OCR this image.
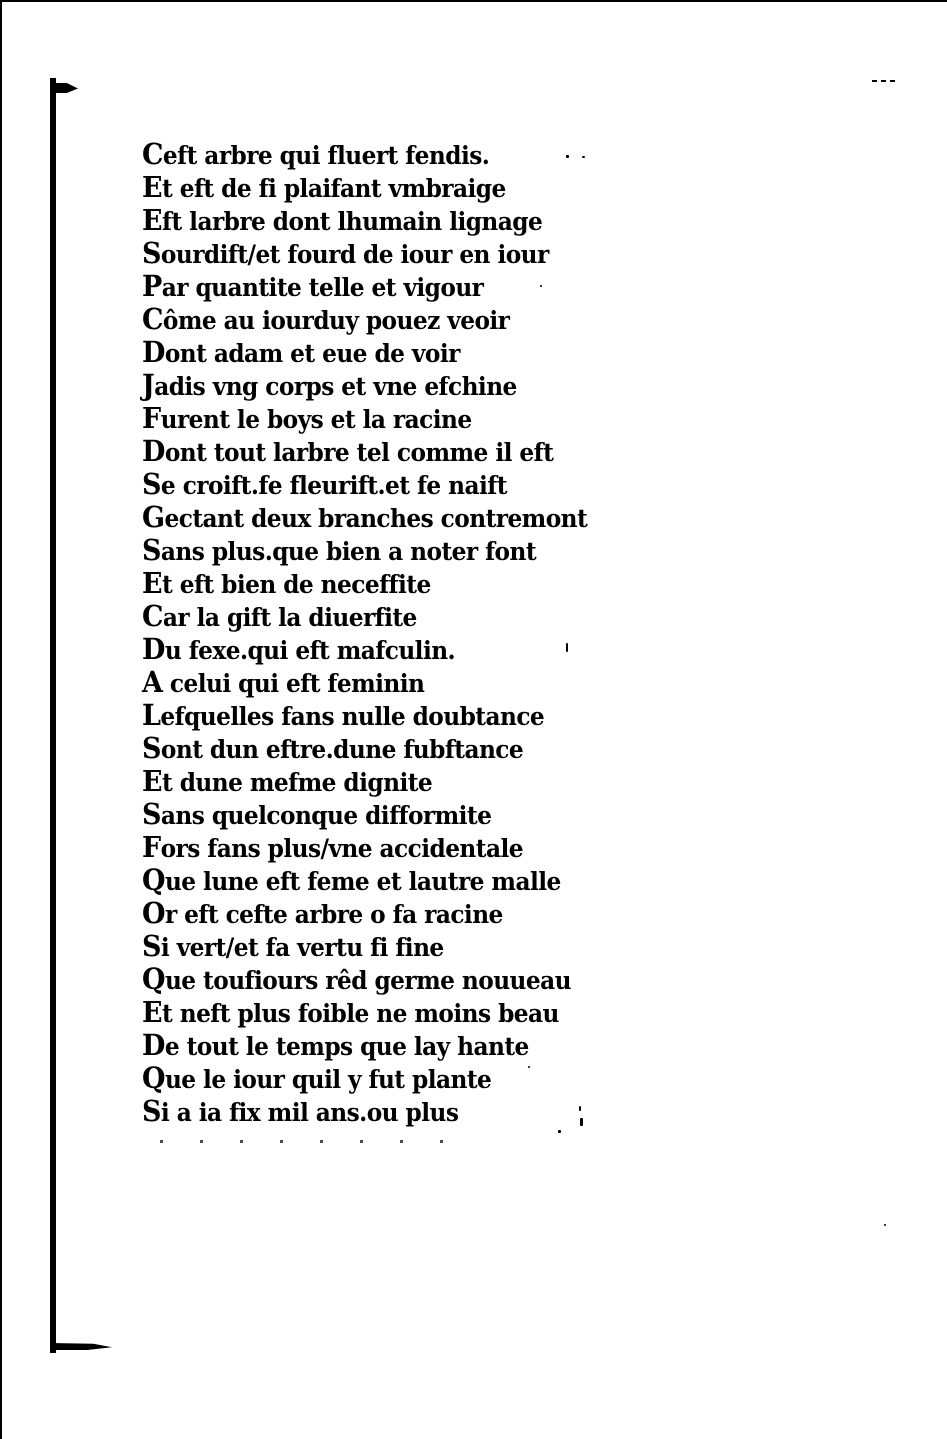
Ceft arbre qui fluert fendis.
Et eft de fi plaifant vmbraige
Eft larbre dont lhumain lignage
Sourdift/et fourd de iour en iour
Par quantite telle et vigour
Côme au iourduy pouez veoir
Dont adam et eue de voir
Jadis vng corps et vne efchine
Furent le boys et la racine
Dont tout larbre tel comme il eft
Se croift.fe fleurift.et fe naift
Gectant deux branches contremont
Sans plus.que bien a noter font
Et eft bien de neceffite
Car la gift la diuerfite
Du fexe.qui eft mafculin.
A celui qui eft feminin
Lefquelles fans nulle doubtance
Sont dun eftre.dune fubftance
Et dune mefme dignite
Sans quelconque difformite
Fors fans plus/vne accidentale
Que lune eft feme et lautre malle
Or eft cefte arbre o fa racine
Si vert/et fa vertu fi fine
Que toufiours rêd germe nouueau
Et neft plus foible ne moins beau
De tout le temps que lay hante
Que le iour quil y fut plante
Si a ia fix mil ans.ou plus
